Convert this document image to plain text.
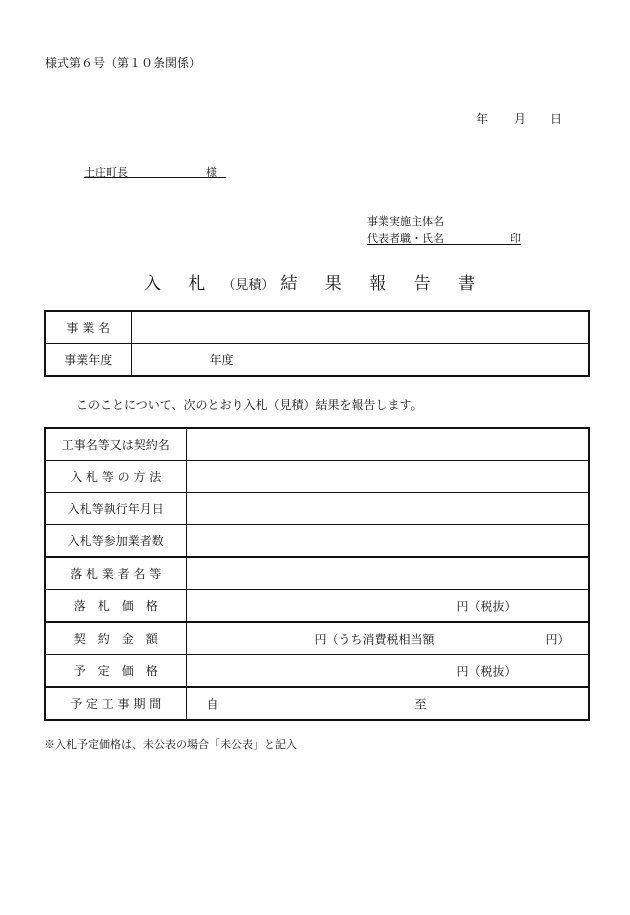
様式第６号（第１０条関係）
年 月 日
土庄町長	様
事業実施主体名
代表者職・氏名	印
入 札 （見積） 結 果 報 告 書
事 業 名	
事業年度	年度
このことについて、次のとおり入札（見積）結果を報告します。
工事名等又は契約名	
入 札 等 の 方 法	
入札等執行年月日	
入札等参加業者数	
落 札 業 者 名 等	
落　札　価　格	円（税抜）

契　約　金　額	円（うち消費税相当額 円）

予　定　価　格	円（税抜）

予 定 工 事 期 間	自 至
※入札予定価格は、未公表の場合「未公表」と記入
